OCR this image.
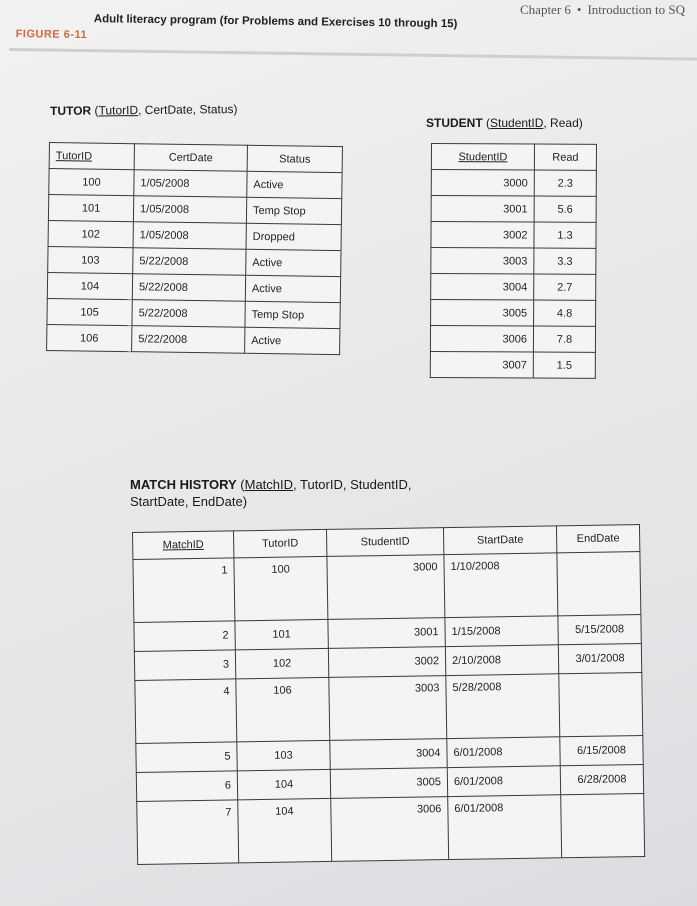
Chapter 6 • Introduction to SQ
FIGURE 6-11
Adult literacy program (for Problems and Exercises 10 through 15)
TUTOR (TutorID, CertDate, Status)
STUDENT (StudentID, Read)
TutorID	CertDate	Status
100	1/05/2008	Active
101	1/05/2008	Temp Stop
102	1/05/2008	Dropped
103	5/22/2008	Active
104	5/22/2008	Active
105	5/22/2008	Temp Stop
106	5/22/2008	Active
StudentID	Read
3000	2.3
3001	5.6
3002	1.3
3003	3.3
3004	2.7
3005	4.8
3006	7.8
3007	1.5
MATCH HISTORY (MatchID, TutorID, StudentID,
StartDate, EndDate)
MatchID	TutorID	StudentID	StartDate	EndDate
1	100	3000	1/10/2008	
2	101	3001	1/15/2008	5/15/2008
3	102	3002	2/10/2008	3/01/2008
4	106	3003	5/28/2008	
5	103	3004	6/01/2008	6/15/2008
6	104	3005	6/01/2008	6/28/2008
7	104	3006	6/01/2008	
